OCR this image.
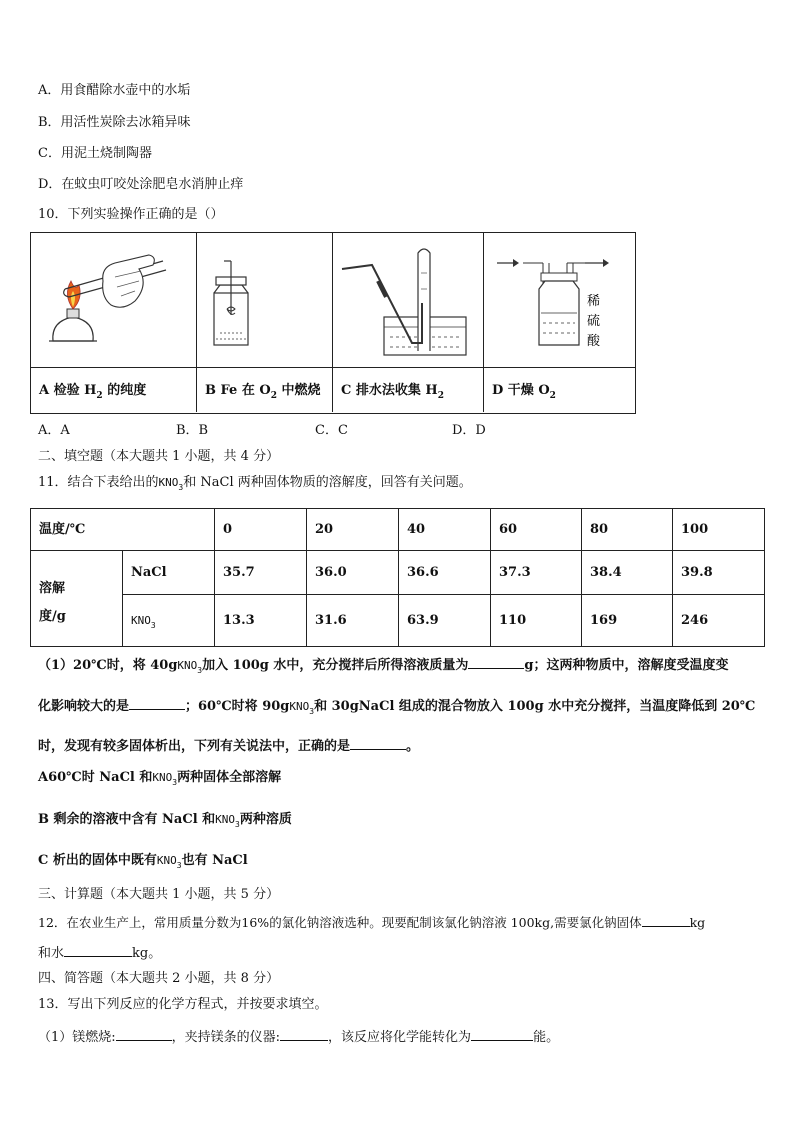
A．用食醋除水壶中的水垢
B．用活性炭除去冰箱异味
C．用泥土烧制陶器
D．在蚊虫叮咬处涂肥皂水消肿止痒
10．下列实验操作正确的是（）
稀
硫
酸
A 检验 $H_2$ 的纯度	B Fe 在 $O_2$ 中燃烧	C 排水法收集 $H_2$	D 干燥 $O_2$
A．A	B．B	C．C	D．D
二、填空题（本大题共 1 小题，共 4 分）
11．结合下表给出的$KNO_3$和 NaCl 两种固体物质的溶解度，回答有关问题。
温度/℃	0	20	40	60	80	100
溶解
度/g
NaCl	35.7	36.0	36.6	37.3	38.4	39.8
$KNO_3$	13.3	31.6	63.9	110	169	246
（1）20℃时，将 40gKNO$_3$加入 100g 水中，充分搅拌后所得溶液质量为	g；这两种物质中，溶解度受温度变
化影响较大的是	；60℃时将 90gKNO$_3$和 30gNaCl 组成的混合物放入 100g 水中充分搅拌，当温度降低到 20℃
时，发现有较多固体析出，下列有关说法中，正确的是	。
A60℃时 NaCl 和$KNO_3$两种固体全部溶解
B 剩余的溶液中含有 NaCl 和$KNO_3$两种溶质
C 析出的固体中既有$KNO_3$也有 NaCl
三、计算题（本大题共 1 小题，共 5 分）
12．在农业生产上，常用质量分数为16%的氯化钠溶液选种。现要配制该氯化钠溶液 100kg,需要氯化钠固体	kg
和水	kg。
四、简答题（本大题共 2 小题，共 8 分）
13．写出下列反应的化学方程式，并按要求填空。
（1）镁燃烧:	，夹持镁条的仪器:	，该反应将化学能转化为	能。
